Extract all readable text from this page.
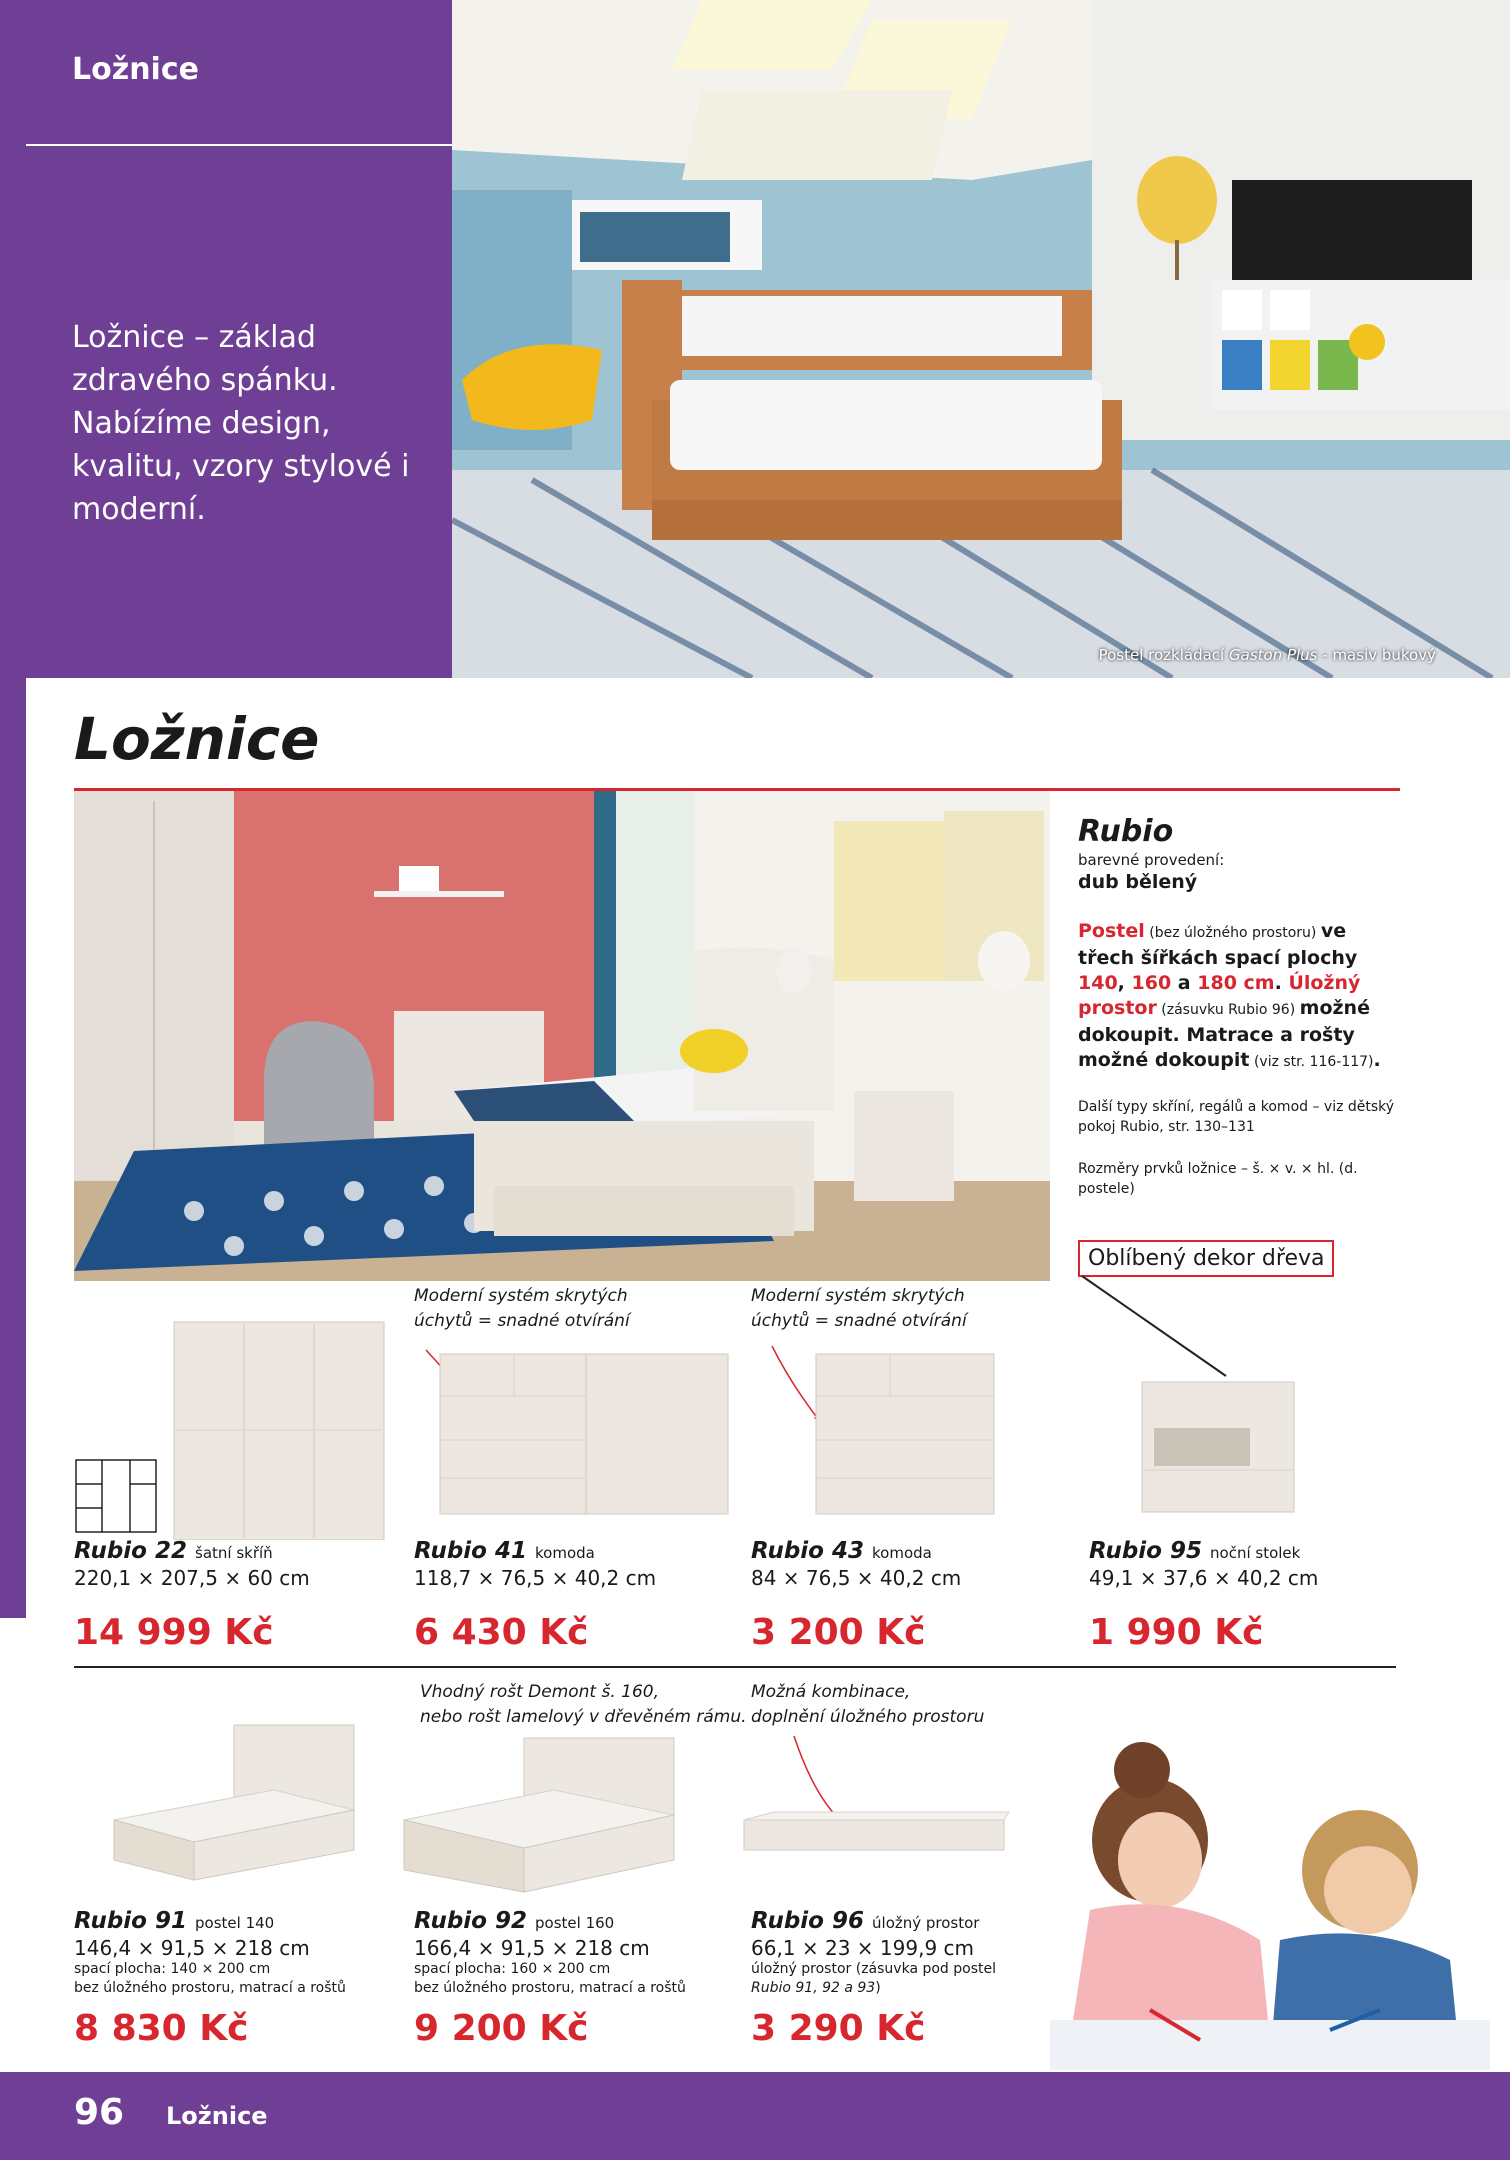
Ložnice
Ložnice – základ zdravého spánku. Nabízíme design, kvalitu, vzory stylové i moderní.
Postel rozkládací Gaston Plus - masiv bukový
Ložnice
Rubio
barevné provedení:
dub bělený
Postel (bez úložného prostoru) ve třech šířkách spací plochy 140, 160 a 180 cm. Úložný prostor (zásuvku Rubio 96) možné dokoupit. Matrace a rošty možné dokoupit (viz str. 116-117).
Další typy skříní, regálů a komod – viz dětský pokoj Rubio, str. 130–131
Rozměry prvků ložnice – š. × v. × hl. (d. postele)
Oblíbený dekor dřeva
Moderní systém skrytých
úchytů = snadné otvírání
Moderní systém skrytých
úchytů = snadné otvírání
Rubio 22 šatní skříň
220,1 × 207,5 × 60 cm
14 999 Kč
Rubio 41 komoda
118,7 × 76,5 × 40,2 cm
6 430 Kč
Rubio 43 komoda
84 × 76,5 × 40,2 cm
3 200 Kč
Rubio 95 noční stolek
49,1 × 37,6 × 40,2 cm
1 990 Kč
Vhodný rošt Demont š. 160,
nebo rošt lamelový v dřevěném rámu.
Možná kombinace,
doplnění úložného prostoru
Rubio 91 postel 140
146,4 × 91,5 × 218 cm
spací plocha: 140 × 200 cm
bez úložného prostoru, matrací a roštů
8 830 Kč
Rubio 92 postel 160
166,4 × 91,5 × 218 cm
spací plocha: 160 × 200 cm
bez úložného prostoru, matrací a roštů
9 200 Kč
Rubio 96 úložný prostor
66,1 × 23 × 199,9 cm
úložný prostor (zásuvka pod postel
Rubio 91, 92 a 93)
3 290 Kč
96 Ložnice
